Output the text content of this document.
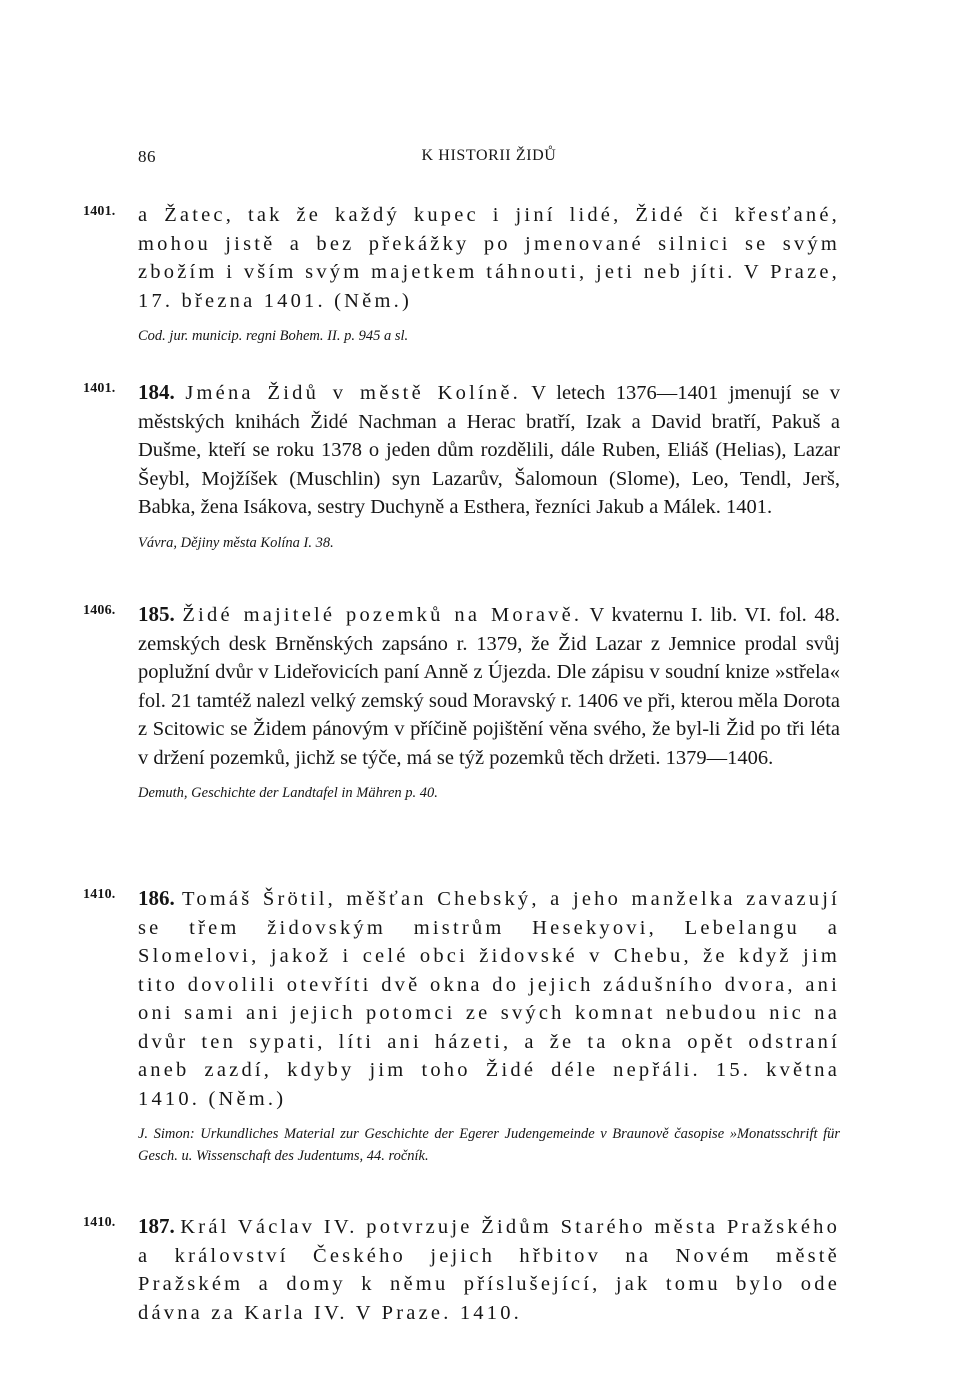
86	K HISTORII ŽIDŮ
1401. a Žatec, tak že každý kupec i jiní lidé, Židé či křesťané, mohou jistě a bez překážky po jmenované silnici se svým zbožím i vším svým majetkem táhnouti, jeti neb jíti. V Praze, 17. března 1401. (Něm.)

Cod. jur. municip. regni Bohem. II. p. 945 a sl.

1401. 184. Jména Židů v městě Kolíně. V letech 1376—1401 jmenují se v městských knihách Židé Nachman a Herac bratří, Izak a David bratří, Pakuš a Dušme, kteří se roku 1378 o jeden dům rozdělili, dále Ruben, Eliáš (Helias), Lazar Šeybl, Mojžíšek (Muschlin) syn Lazarův, Šalomoun (Slome), Leo, Tendl, Jerš, Babka, žena Isákova, sestry Duchyně a Esthera, řezníci Jakub a Málek. 1401.

Vávra, Dějiny města Kolína I. 38.

1406. 185. Židé majitelé pozemků na Moravě. V kvaternu I. lib. VI. fol. 48. zemských desk Brněnských zapsáno r. 1379, že Žid Lazar z Jemnice prodal svůj poplužní dvůr v Lideřovicích paní Anně z Újezda. Dle zápisu v soudní knize »střela« fol. 21 tamtéž nalezl velký zemský soud Moravský r. 1406 ve při, kterou měla Dorota z Scitowic se Židem pánovým v příčině pojištění věna svého, že byl-li Žid po tři léta v držení pozemků, jichž se týče, má se týž pozemků těch držeti. 1379—1406.

Demuth, Geschichte der Landtafel in Mähren p. 40.

1410. 186. Tomáš Šrötil, měšťan Chebský, a jeho manželka zavazují se třem židovským mistrům Hesekyovi, Lebelangu a Slomelovi, jakož i celé obci židovské v Chebu, že když jim tito dovolili otevříti dvě okna do jejich zádušního dvora, ani oni sami ani jejich potomci ze svých komnat nebudou nic na dvůr ten sypati, líti ani házeti, a že ta okna opět odstraní aneb zazdí, kdyby jim toho Židé déle nepřáli. 15. května 1410. (Něm.)

J. Simon: Urkundliches Material zur Geschichte der Egerer Judengemeinde v Braunově časopise »Monatsschrift für Gesch. u. Wissenschaft des Judentums, 44. ročník.

1410. 187. Král Václav IV. potvrzuje Židům Starého města Pražského a království Českého jejich hřbitov na Novém městě Pražském a domy k němu příslušející, jak tomu bylo ode dávna za Karla IV. V Praze. 1410.
